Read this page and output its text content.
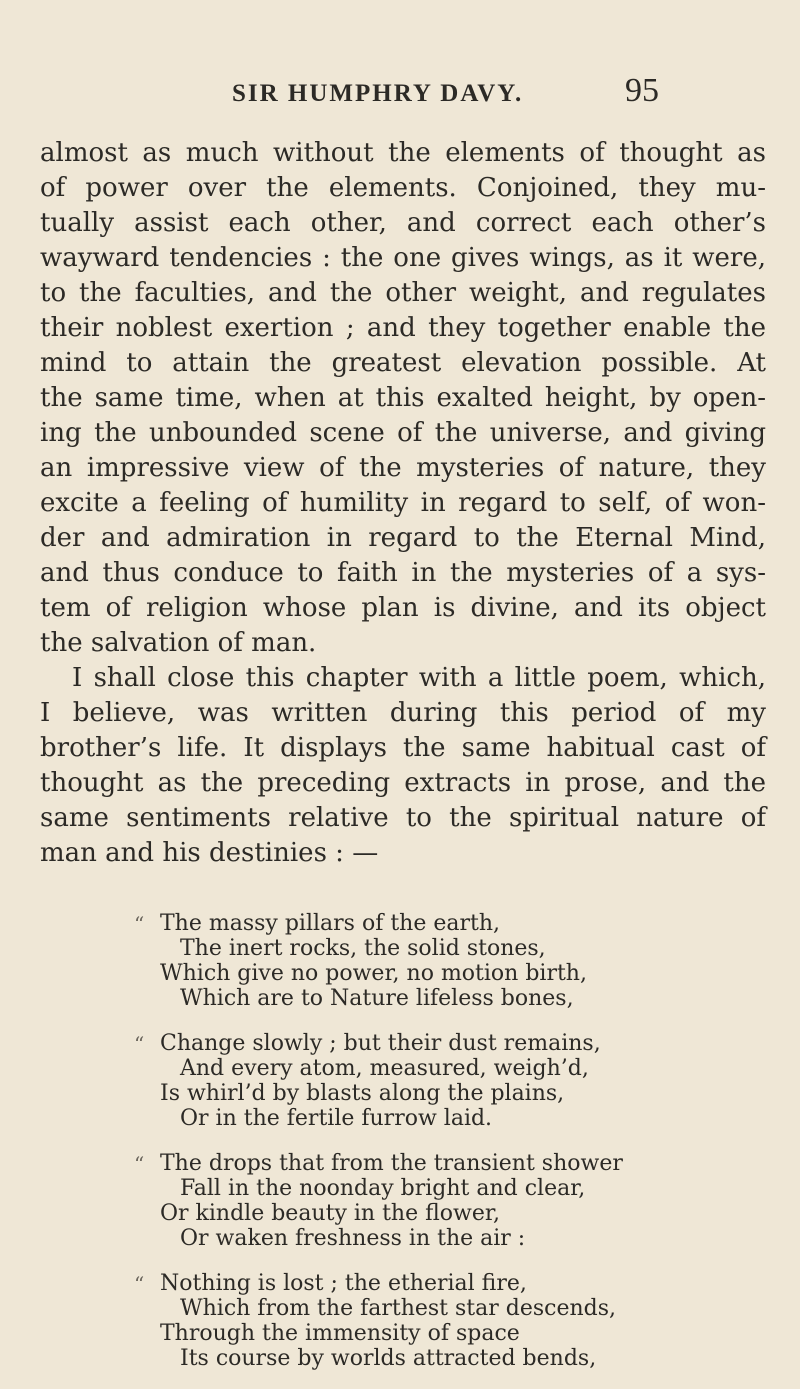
SIR HUMPHRY DAVY.	95
almost as much without the elements of thought as
of power over the elements. Conjoined, they mu-
tually assist each other, and correct each other’s
wayward tendencies : the one gives wings, as it were,
to the faculties, and the other weight, and regulates
their noblest exertion ; and they together enable the
mind to attain the greatest elevation possible. At
the same time, when at this exalted height, by open-
ing the unbounded scene of the universe, and giving
an impressive view of the mysteries of nature, they
excite a feeling of humility in regard to self, of won-
der and admiration in regard to the Eternal Mind,
and thus conduce to faith in the mysteries of a sys-
tem of religion whose plan is divine, and its object
the salvation of man.
I shall close this chapter with a little poem, which,
I believe, was written during this period of my
brother’s life. It displays the same habitual cast of
thought as the preceding extracts in prose, and the
same sentiments relative to the spiritual nature of
man and his destinies : —
“ The massy pillars of the earth,
The inert rocks, the solid stones,
Which give no power, no motion birth,
Which are to Nature lifeless bones,
“ Change slowly ; but their dust remains,
And every atom, measured, weigh’d,
Is whirl’d by blasts along the plains,
Or in the fertile furrow laid.
“ The drops that from the transient shower
Fall in the noonday bright and clear,
Or kindle beauty in the flower,
Or waken freshness in the air :
“ Nothing is lost ; the etherial fire,
Which from the farthest star descends,
Through the immensity of space
Its course by worlds attracted bends,
